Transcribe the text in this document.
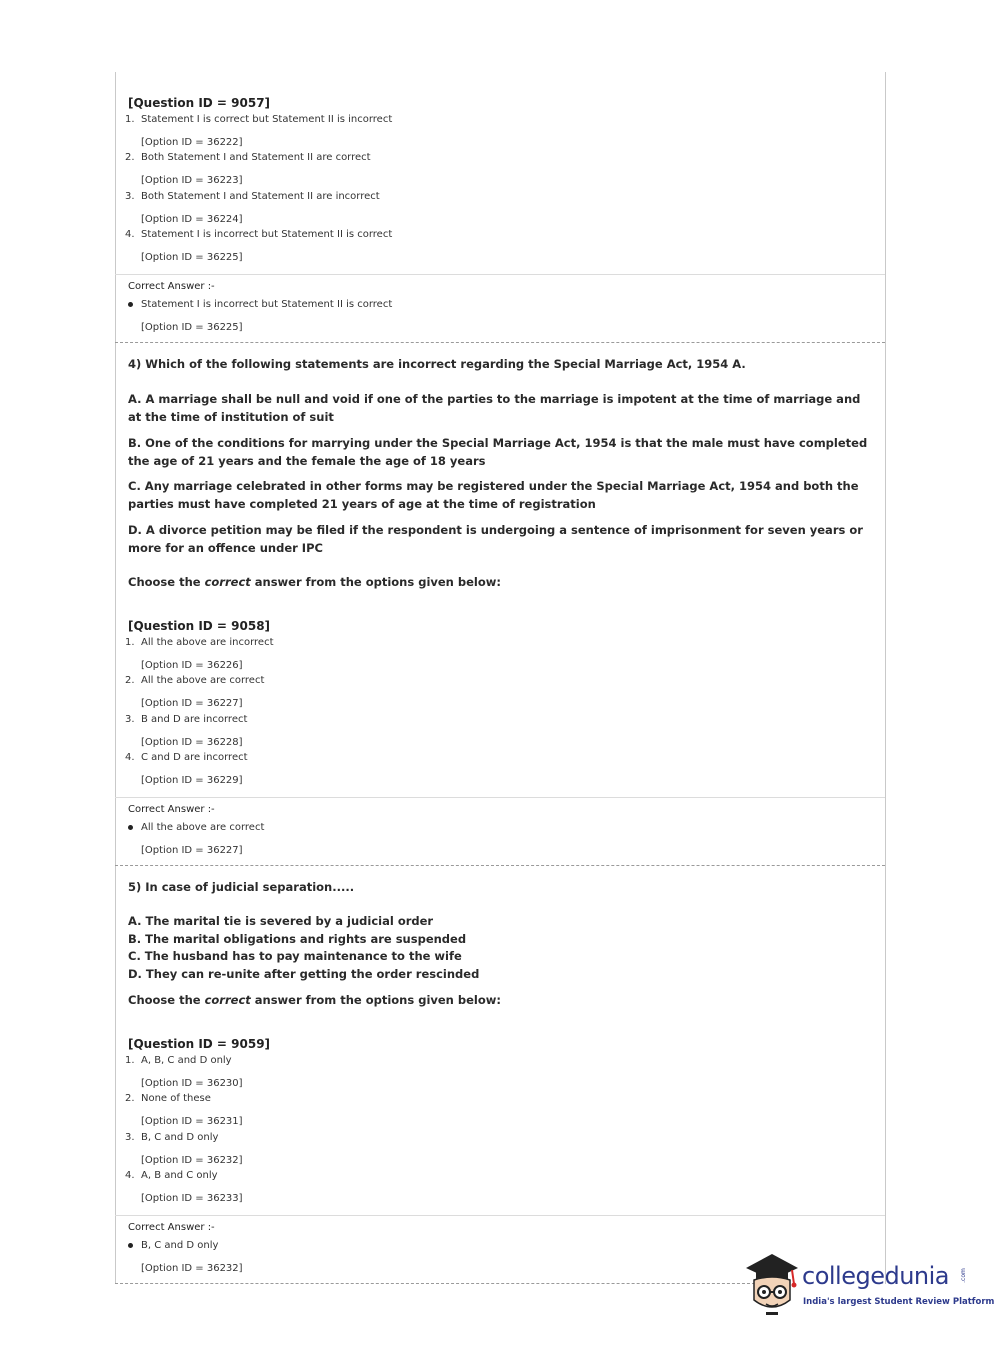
[Question ID = 9057]
1. Statement I is correct but Statement II is incorrect
[Option ID = 36222]
2. Both Statement I and Statement II are correct
[Option ID = 36223]
3. Both Statement I and Statement II are incorrect
[Option ID = 36224]
4. Statement I is incorrect but Statement II is correct
[Option ID = 36225]
Correct Answer :-
Statement I is incorrect but Statement II is correct
[Option ID = 36225]
4) Which of the following statements are incorrect regarding the Special Marriage Act, 1954 A.
A. A marriage shall be null and void if one of the parties to the marriage is impotent at the time of marriage and at the time of institution of suit
B. One of the conditions for marrying under the Special Marriage Act, 1954 is that the male must have completed the age of 21 years and the female the age of 18 years
C. Any marriage celebrated in other forms may be registered under the Special Marriage Act, 1954 and both the parties must have completed 21 years of age at the time of registration
D. A divorce petition may be filed if the respondent is undergoing a sentence of imprisonment for seven years or more for an offence under IPC
Choose the correct answer from the options given below:
[Question ID = 9058]
1. All the above are incorrect
[Option ID = 36226]
2. All the above are correct
[Option ID = 36227]
3. B and D are incorrect
[Option ID = 36228]
4. C and D are incorrect
[Option ID = 36229]
Correct Answer :-
All the above are correct
[Option ID = 36227]
5) In case of judicial separation.....
A. The marital tie is severed by a judicial order
B. The marital obligations and rights are suspended
C. The husband has to pay maintenance to the wife
D. They can re-unite after getting the order rescinded
Choose the correct answer from the options given below:
[Question ID = 9059]
1. A, B, C and D only
[Option ID = 36230]
2. None of these
[Option ID = 36231]
3. B, C and D only
[Option ID = 36232]
4. A, B and C only
[Option ID = 36233]
Correct Answer :-
B, C and D only
[Option ID = 36232]	collegedunia .com
India's largest Student Review Platform
